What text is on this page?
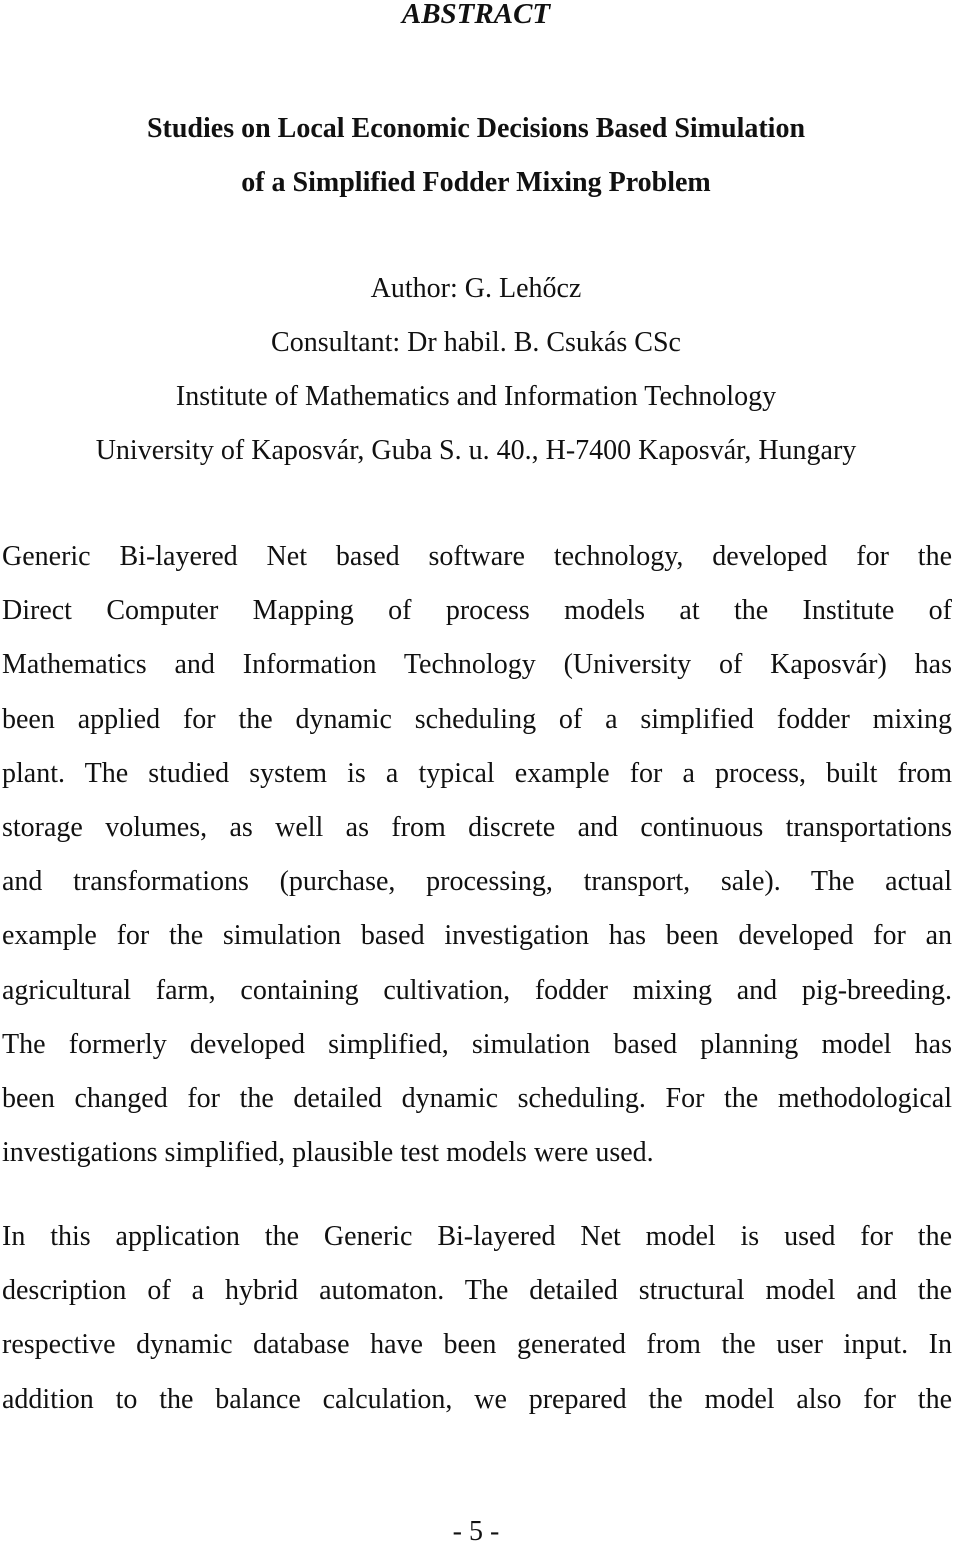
ABSTRACT
Studies on Local Economic Decisions Based Simulation
of a Simplified Fodder Mixing Problem
Author: G. Lehőcz
Consultant: Dr habil. B. Csukás CSc
Institute of Mathematics and Information Technology
University of Kaposvár, Guba S. u. 40., H-7400 Kaposvár, Hungary

Generic Bi-layered Net based software technology, developed for the
Direct Computer Mapping of process models at the Institute of
Mathematics and Information Technology (University of Kaposvár) has
been applied for the dynamic scheduling of a simplified fodder mixing
plant. The studied system is a typical example for a process, built from
storage volumes, as well as from discrete and continuous transportations
and transformations (purchase, processing, transport, sale). The actual
example for the simulation based investigation has been developed for an
agricultural farm, containing cultivation, fodder mixing and pig-breeding.
The formerly developed simplified, simulation based planning model has
been changed for the detailed dynamic scheduling. For the methodological
investigations simplified, plausible test models were used.

In this application the Generic Bi-layered Net model is used for the
description of a hybrid automaton. The detailed structural model and the
respective dynamic database have been generated from the user input. In
addition to the balance calculation, we prepared the model also for the

- 5 -
